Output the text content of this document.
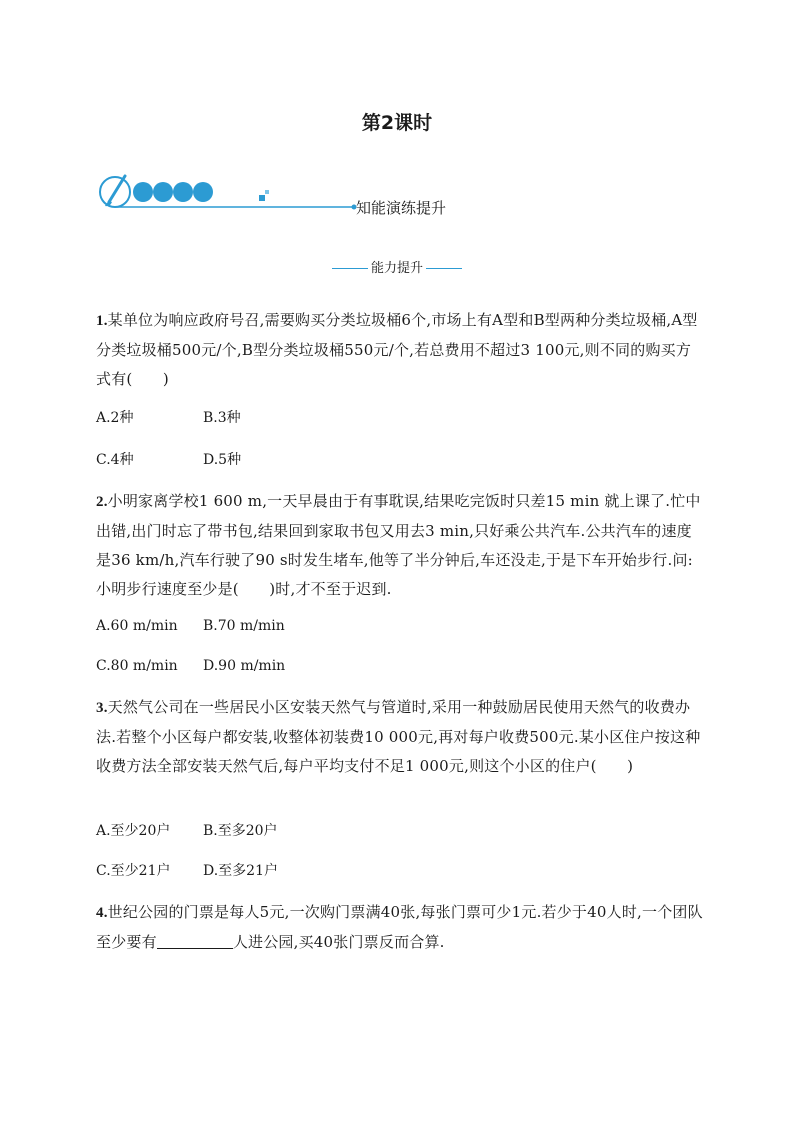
第2课时
知能演练提升
能力提升
1.某单位为响应政府号召,需要购买分类垃圾桶6个,市场上有A型和B型两种分类垃圾桶,A型分类垃圾桶500元/个,B型分类垃圾桶550元/个,若总费用不超过3 100元,则不同的购买方式有(　　)
A.2种	B.3种
C.4种	D.5种
2.小明家离学校1 600 m,一天早晨由于有事耽误,结果吃完饭时只差15 min 就上课了.忙中出错,出门时忘了带书包,结果回到家取书包又用去3 min,只好乘公共汽车.公共汽车的速度是36 km/h,汽车行驶了90 s时发生堵车,他等了半分钟后,车还没走,于是下车开始步行.问:小明步行速度至少是(　　)时,才不至于迟到.
A.60 m/min B.70 m/min
C.80 m/min D.90 m/min
3.天然气公司在一些居民小区安装天然气与管道时,采用一种鼓励居民使用天然气的收费办法.若整个小区每户都安装,收整体初装费10 000元,再对每户收费500元.某小区住户按这种收费方法全部安装天然气后,每户平均支付不足1 000元,则这个小区的住户(　　)
A.至少20户 B.至多20户
C.至少21户 D.至多21户
4.世纪公园的门票是每人5元,一次购门票满40张,每张门票可少1元.若少于40人时,一个团队至少要有	人进公园,买40张门票反而合算.
